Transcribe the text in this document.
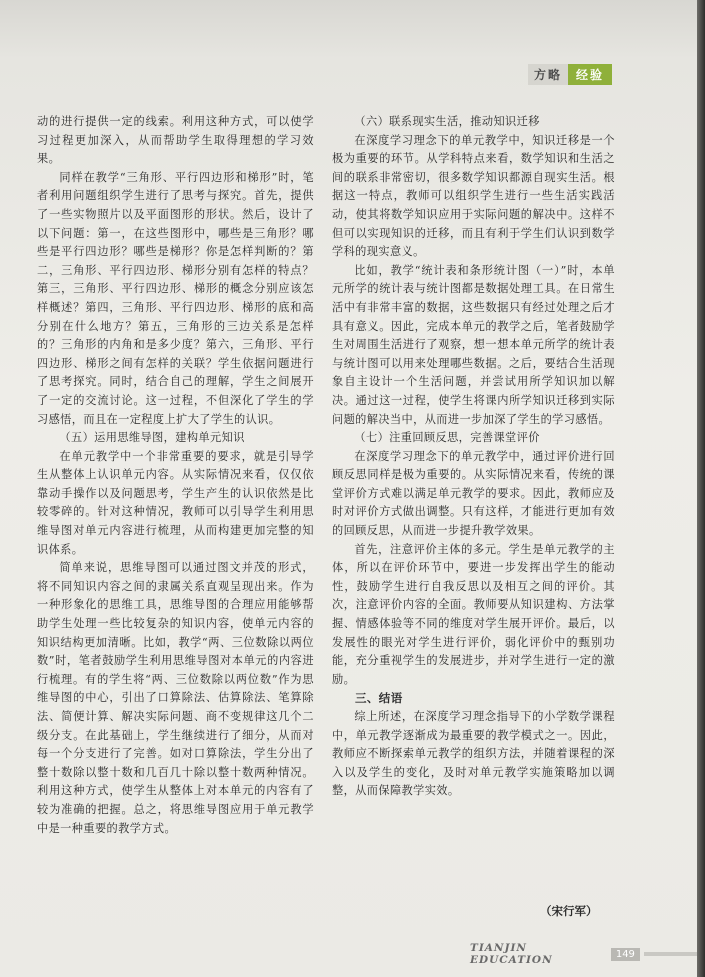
方略	经验

动的进行提供一定的线索。利用这种方式，可以使学习过程更加深入，从而帮助学生取得理想的学习效果。

同样在教学“三角形、平行四边形和梯形”时，笔者利用问题组织学生进行了思考与探究。首先，提供了一些实物照片以及平面图形的形状。然后，设计了以下问题：第一，在这些图形中，哪些是三角形？哪些是平行四边形？哪些是梯形？你是怎样判断的？第二，三角形、平行四边形、梯形分别有怎样的特点？第三，三角形、平行四边形、梯形的概念分别应该怎样概述？第四，三角形、平行四边形、梯形的底和高分别在什么地方？第五，三角形的三边关系是怎样的？三角形的内角和是多少度？第六，三角形、平行四边形、梯形之间有怎样的关联？学生依据问题进行了思考探究。同时，结合自己的理解，学生之间展开了一定的交流讨论。这一过程，不但深化了学生的学习感悟，而且在一定程度上扩大了学生的认识。

（五）运用思维导图，建构单元知识

在单元教学中一个非常重要的要求，就是引导学生从整体上认识单元内容。从实际情况来看，仅仅依靠动手操作以及问题思考，学生产生的认识依然是比较零碎的。针对这种情况，教师可以引导学生利用思维导图对单元内容进行梳理，从而构建更加完整的知识体系。

简单来说，思维导图可以通过图文并茂的形式，将不同知识内容之间的隶属关系直观呈现出来。作为一种形象化的思维工具，思维导图的合理应用能够帮助学生处理一些比较复杂的知识内容，使单元内容的知识结构更加清晰。比如，教学“两、三位数除以两位数”时，笔者鼓励学生利用思维导图对本单元的内容进行梳理。有的学生将“两、三位数除以两位数”作为思维导图的中心，引出了口算除法、估算除法、笔算除法、简便计算、解决实际问题、商不变规律这几个二级分支。在此基础上，学生继续进行了细分，从而对每一个分支进行了完善。如对口算除法，学生分出了整十数除以整十数和几百几十除以整十数两种情况。利用这种方式，使学生从整体上对本单元的内容有了较为准确的把握。总之，将思维导图应用于单元教学中是一种重要的教学方式。

（六）联系现实生活，推动知识迁移

在深度学习理念下的单元教学中，知识迁移是一个极为重要的环节。从学科特点来看，数学知识和生活之间的联系非常密切，很多数学知识都源自现实生活。根据这一特点，教师可以组织学生进行一些生活实践活动，使其将数学知识应用于实际问题的解决中。这样不但可以实现知识的迁移，而且有利于学生们认识到数学学科的现实意义。

比如，教学“统计表和条形统计图（一）”时，本单元所学的统计表与统计图都是数据处理工具。在日常生活中有非常丰富的数据，这些数据只有经过处理之后才具有意义。因此，完成本单元的教学之后，笔者鼓励学生对周围生活进行了观察，想一想本单元所学的统计表与统计图可以用来处理哪些数据。之后，要结合生活现象自主设计一个生活问题，并尝试用所学知识加以解决。通过这一过程，使学生将课内所学知识迁移到实际问题的解决当中，从而进一步加深了学生的学习感悟。

（七）注重回顾反思，完善课堂评价

在深度学习理念下的单元教学中，通过评价进行回顾反思同样是极为重要的。从实际情况来看，传统的课堂评价方式难以满足单元教学的要求。因此，教师应及时对评价方式做出调整。只有这样，才能进行更加有效的回顾反思，从而进一步提升教学效果。

首先，注意评价主体的多元。学生是单元教学的主体，所以在评价环节中，要进一步发挥出学生的能动性，鼓励学生进行自我反思以及相互之间的评价。其次，注意评价内容的全面。教师要从知识建构、方法掌握、情感体验等不同的维度对学生展开评价。最后，以发展性的眼光对学生进行评价，弱化评价中的甄别功能，充分重视学生的发展进步，并对学生进行一定的激励。

三、结语

综上所述，在深度学习理念指导下的小学数学课程中，单元教学逐渐成为最重要的教学模式之一。因此，教师应不断探索单元教学的组织方法，并随着课程的深入以及学生的变化，及时对单元教学实施策略加以调整，从而保障教学实效。

（宋行军）
TIANJIN EDUCATION	149
